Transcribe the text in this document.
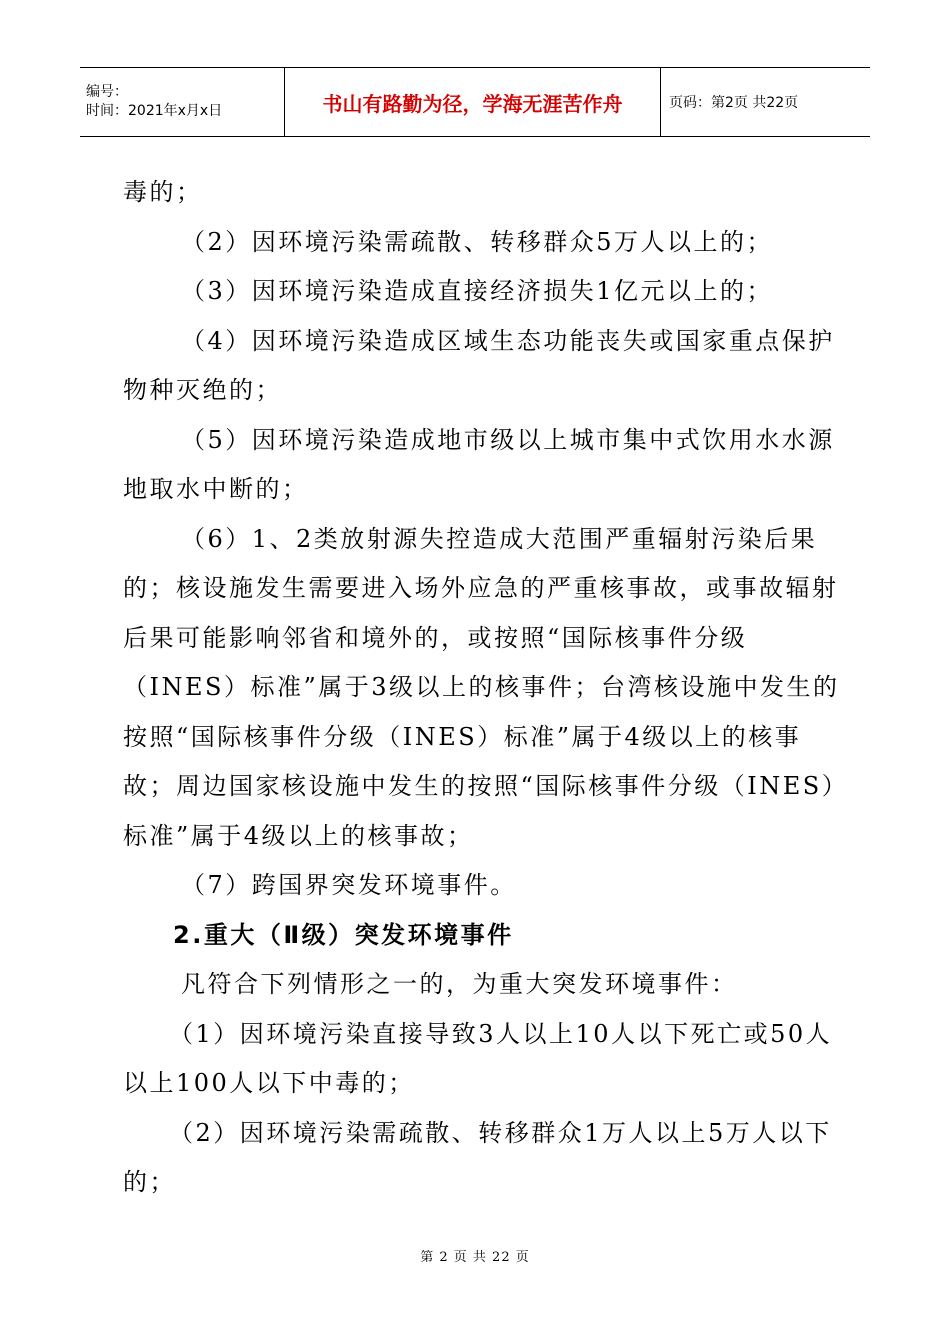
编号：
时间：2021年x月x日	书山有路勤为径，学海无涯苦作舟	页码：第2页 共22页

毒的；

（2）因环境污染需疏散、转移群众5万人以上的；

（3）因环境污染造成直接经济损失1亿元以上的；

（4）因环境污染造成区域生态功能丧失或国家重点保护物种灭绝的；

（5）因环境污染造成地市级以上城市集中式饮用水水源地取水中断的；

（6）1、2类放射源失控造成大范围严重辐射污染后果的；核设施发生需要进入场外应急的严重核事故，或事故辐射后果可能影响邻省和境外的，或按照“国际核事件分级（INES）标准”属于3级以上的核事件；台湾核设施中发生的按照“国际核事件分级（INES）标准”属于4级以上的核事故；周边国家核设施中发生的按照“国际核事件分级（INES）标准”属于4级以上的核事故；

（7）跨国界突发环境事件。

2.重大（Ⅱ级）突发环境事件

凡符合下列情形之一的，为重大突发环境事件：

（1）因环境污染直接导致3人以上10人以下死亡或50人以上100人以下中毒的；

（2）因环境污染需疏散、转移群众1万人以上5万人以下的；

第 2 页 共 22 页
